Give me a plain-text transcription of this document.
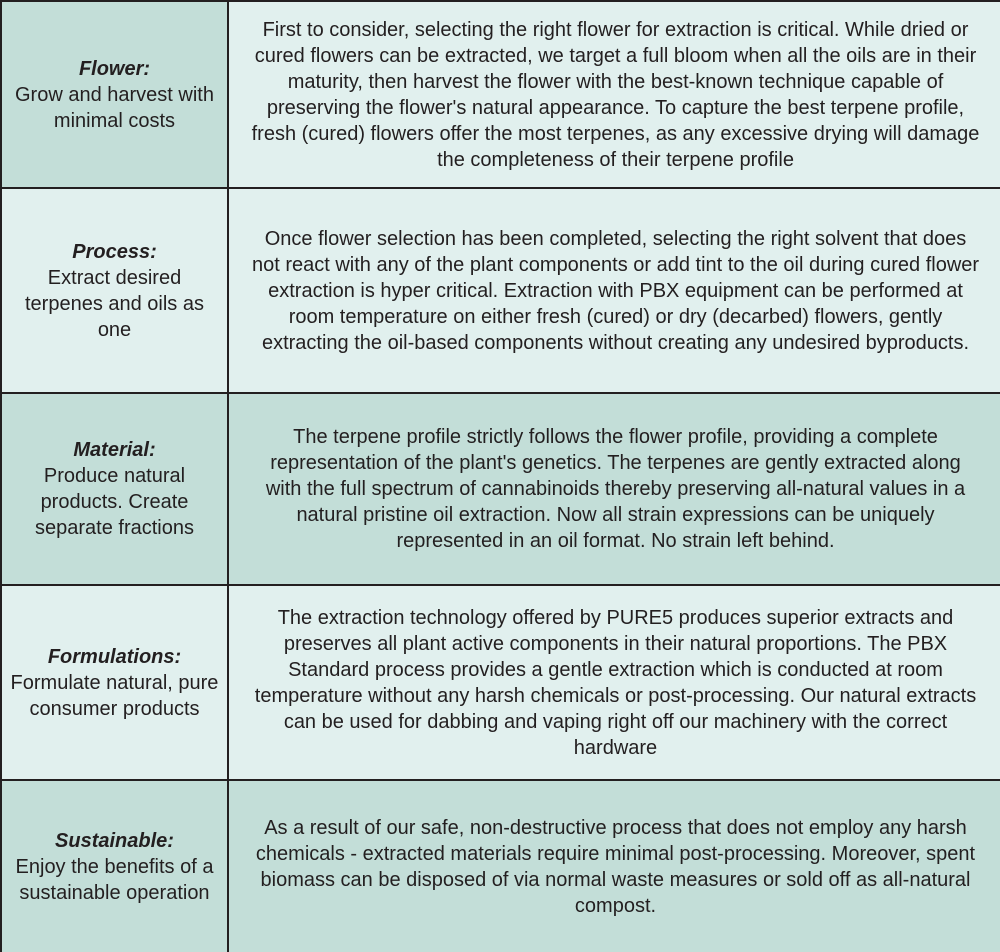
Flower:
Grow and harvest with minimal costs
First to consider, selecting the right flower for extraction is critical. While dried or cured flowers can be extracted, we target a full bloom when all the oils are in their maturity, then harvest the flower with the best-known technique capable of preserving the flower's natural appearance. To capture the best terpene profile, fresh (cured) flowers offer the most terpenes, as any excessive drying will damage the completeness of their terpene profile
Process:
Extract desired terpenes and oils as one
Once flower selection has been completed, selecting the right solvent that does not react with any of the plant components or add tint to the oil during cured flower extraction is hyper critical. Extraction with PBX equipment can be performed at room temperature on either fresh (cured) or dry (decarbed) flowers, gently extracting the oil-based components without creating any undesired byproducts.
Material:
Produce natural products. Create separate fractions
The terpene profile strictly follows the flower profile, providing a complete representation of the plant's genetics. The terpenes are gently extracted along with the full spectrum of cannabinoids thereby preserving all-natural values in a natural pristine oil extraction. Now all strain expressions can be uniquely represented in an oil format. No strain left behind.
Formulations:
Formulate natural, pure consumer products
The extraction technology offered by PURE5 produces superior extracts and preserves all plant active components in their natural proportions. The PBX Standard process provides a gentle extraction which is conducted at room temperature without any harsh chemicals or post-processing. Our natural extracts can be used for dabbing and vaping right off our machinery with the correct hardware
Sustainable:
Enjoy the benefits of a sustainable operation
As a result of our safe, non-destructive process that does not employ any harsh chemicals - extracted materials require minimal post-processing. Moreover, spent biomass can be disposed of via normal waste measures or sold off as all-natural compost.
